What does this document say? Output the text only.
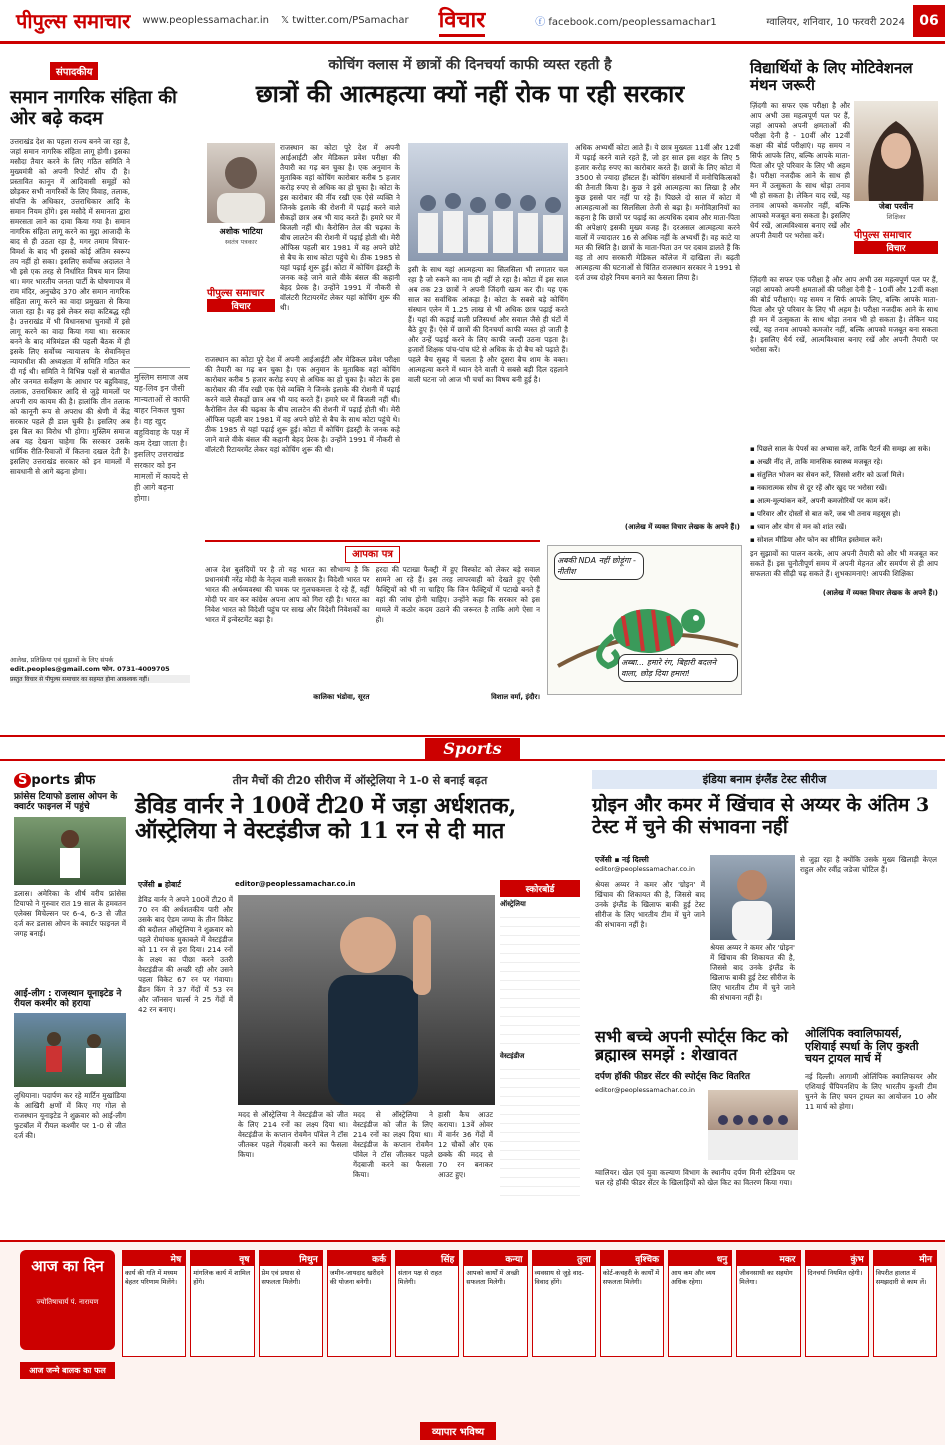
पीपुल्स समाचार www.peoplessamachar.in 𝕏 twitter.com/PSamachar विचार	ⓕ facebook.com/peoplessamachar1	ग्वालियर, शनिवार, 10 फरवरी 2024	06
संपादकीय
समान नागरिक संहिता की ओर बढ़े कदम
उत्तराखंड देश का पहला राज्य बनने जा रहा है, जहां समान नागरिक संहिता लागू होगी। इसका मसौदा तैयार करने के लिए गठित समिति ने मुख्यमंत्री को अपनी रिपोर्ट सौंप दी है। प्रस्तावित कानून में आदिवासी समूहों को छोड़कर सभी नागरिकों के लिए विवाह, तलाक, संपत्ति के अधिकार, उत्तराधिकार आदि के समान नियम होंगे। इस मसौदे में समानता द्वारा समरसता लाने का दावा किया गया है। समान नागरिक संहिता लागू करने का मुद्दा आजादी के बाद से ही उठता रहा है, मगर तमाम विचार-विमर्श के बाद भी इसको कोई अंतिम स्वरूप तय नहीं हो सका। इसलिए सर्वोच्च अदालत ने भी इसे एक तरह से निर्धारित विषय मान लिया था। मगर भारतीय जनता पार्टी के घोषणापत्र में राम मंदिर, अनुच्छेद 370 और समान नागरिक संहिता लागू करने का वादा प्रमुखता से किया जाता रहा है। वह इसे लेकर सदा कटिबद्ध रही है। उत्तराखंड में भी विधानसभा चुनावों में इसे लागू करने का वादा किया गया था। सरकार बनने के बाद मंत्रिमंडल की पहली बैठक में ही इसके लिए सर्वोच्च न्यायालय के सेवानिवृत्त न्यायाधीश की अध्यक्षता में समिति गठित कर दी गई थी। समिति ने विभिन्न पक्षों से बातचीत और जनमत सर्वेक्षण के आधार पर बहुविवाह, तलाक, उत्तराधिकार आदि से जुड़े मामलों पर अपनी राय कायम की है। हालांकि तीन तलाक को कानूनी रूप से अपराध की श्रेणी में केंद्र सरकार पहले ही डाल चुकी है। इसलिए अब इस बिल का विरोध भी होगा। मुस्लिम समाज अब यह देखना चाहेगा कि सरकार उसके धार्मिक रीति-रिवाजों में कितना दखल देती है। इसलिए उत्तराखंड सरकार को इन मामलों में सावधानी से आगे बढ़ना होगा।
मुस्लिम समाज अब यह-लिव इन जैसी मान्यताओं से काफी बाहर निकल चुका है। वह खुद बहुविवाह के पक्ष में कम देखा जाता है। इसलिए उत्तराखंड सरकार को इन मामलों में कायदे से ही आगे बढ़ना होगा।
आलेख, प्रतिक्रिया एवं सुझावों के लिए संपर्क
edit.peoples@gmail.com फोन. 0731-4009705
प्रस्तुत विचार से पीपुल्स समाचार का सहमत होना आवश्यक नहीं।
कोचिंग क्लास में छात्रों की दिनचर्या काफी व्यस्त रहती है
छात्रों की आत्महत्या क्यों नहीं रोक पा रही सरकार
अशोक भाटिया
स्वतंत्र पत्रकार
पीपुल्स समाचार
विचार
राजस्थान का कोटा पूरे देश में अपनी आईआईटी और मेडिकल प्रवेश परीक्षा की तैयारी का गढ़ बन चुका है। एक अनुमान के मुताबिक वहां कोचिंग कारोबार करीब 5 हजार करोड़ रुपए से अधिक का हो चुका है। कोटा के इस कारोबार की नींव रखी एक ऐसे व्यक्ति ने जिनके इलाके की रोशनी में पढ़ाई करने वाले सैकड़ों छात्र अब भी याद करते हैं। हमारे घर में बिजली नहीं थी। कैरोसिन तेल की चढ़का के बीच लालटेन की रोशनी में पढ़ाई होती थी। मेरी ऑफिस पहली बार 1981 में वह अपने छोटे से बैच के साथ कोटा पहुंचे थे। ठीक 1985 से यहां पढ़ाई शुरू हुई। कोटा में कोचिंग इंडस्ट्री के जनक कहे जाने वाले वीके बंसल की कहानी बेहद प्रेरक है। उन्होंने 1991 में नौकरी से वॉलंटरी रिटायरमेंट लेकर यहां कोचिंग शुरू की थी।
राजस्थान का कोटा पूरे देश में अपनी आईआईटी और मेडिकल प्रवेश परीक्षा की तैयारी का गढ़ बन चुका है। एक अनुमान के मुताबिक वहां कोचिंग कारोबार करीब 5 हजार करोड़ रुपए से अधिक का हो चुका है। कोटा के इस कारोबार की नींव रखी एक ऐसे व्यक्ति ने जिनके इलाके की रोशनी में पढ़ाई करने वाले सैकड़ों छात्र अब भी याद करते हैं। हमारे घर में बिजली नहीं थी। कैरोसिन तेल की चढ़का के बीच लालटेन की रोशनी में पढ़ाई होती थी। मेरी ऑफिस पहली बार 1981 में वह अपने छोटे से बैच के साथ कोटा पहुंचे थे। ठीक 1985 से यहां पढ़ाई शुरू हुई। कोटा में कोचिंग इंडस्ट्री के जनक कहे जाने वाले वीके बंसल की कहानी बेहद प्रेरक है। उन्होंने 1991 में नौकरी से वॉलंटरी रिटायरमेंट लेकर यहां कोचिंग शुरू की थी।
इसी के साथ यहां आत्महत्या का सिलसिला भी लगातार चल रहा है जो रुकने का नाम ही नहीं ले रहा है। कोटा में इस साल अब तक 23 छात्रों ने अपनी जिंदगी खत्म कर दी। यह एक साल का सर्वाधिक आंकड़ा है। कोटा के सबसे बड़े कोचिंग संस्थान एलेन में 1.25 लाख से भी अधिक छात्र पढ़ाई करते हैं। यहां की कड़ाई वाली प्रतिस्पर्धा और सवाल जैसे ही घंटों में बैठे हुए हैं। ऐसे में छात्रों की दिनचर्या काफी व्यस्त हो जाती है और उन्हें पढ़ाई करने के लिए काफी जल्दी उठना पड़ता है। हजारों शिक्षक पांच-पांच घंटे से अधिक के दो बैच को पढ़ाते हैं। पहले बैच सुबह में चलता है और दूसरा बैच शाम के वक्त। आत्महत्या करने में ध्यान देने वाली ये सबसे बड़ी दिल दहलाने वाली घटना जो आज भी चर्चा का विषय बनी हुई है।
अधिक अभ्यर्थी कोटा आते हैं। ये छात्र मुख्यतः 11वीं और 12वीं में पढ़ाई करने वाले रहते हैं, जो हर साल इस शहर के लिए 5 हजार करोड़ रुपए का कारोबार करते हैं। छात्रों के लिए कोटा में 3500 से ज्यादा हॉस्टल हैं। कोचिंग संस्थानों में मनोचिकित्सकों की तैनाती किया है। कुछ ने इसे आत्महत्या का लिखा है और कुछ इससे पार नहीं पा रहे हैं। पिछले दो साल में कोटा में आत्महत्याओं का सिलसिला तेजी से बढ़ा है। मनोविज्ञानियों का कहना है कि छात्रों पर पढ़ाई का अत्यधिक दबाव और माता-पिता की अपेक्षाएं इसकी मुख्य वजह हैं। दरअसल आत्महत्या करने वालों में ज्यादातर 16 से अधिक नहीं के अभ्यर्थी हैं। वह काटे या मत की स्थिति है। छात्रों के माता-पिता उन पर दबाव डालते हैं कि वह तो आप सरकारी मेडिकल कॉलेज में दाखिला लें। बढ़ती आत्महत्या की घटनाओं से चिंतित राजस्थान सरकार ने 1991 से दर्ज उच्च दोहरे नियम बनाने का फैसला लिया है।
(आलेख में व्यक्त विचार लेखक के अपने हैं।)
आपका पत्र
आज देश बुलंदियों पर है तो यह भारत का सौभाग्य है कि प्रधानमंत्री नरेंद्र मोदी के नेतृत्व वाली सरकार है। विदेशी भारत पर भारत की अर्थव्यवस्था की चमक पर गुलचकमत्ता दे रहे हैं, वहीं मोदी पर वार कर कांग्रेस अपना आप को गिरा रही है। भारत का निवेश भारत को विदेशी पहुंच पर साख और विदेशी निवेशकों का भारत में इन्वेस्टमेंट बढ़ा है।
कालिका भंडोवा, सूरत
हरदा की पटाखा फैक्ट्री में हुए विस्फोट को लेकर बड़े सवाल सामने आ रहे हैं। इस तरह लापरवाही को देखते हुए ऐसी फैक्ट्रियों को भी ना चाहिए कि जिन फैक्ट्रियों में पटाखे बनते हैं वहां की जांच होनी चाहिए। उन्होंने कहा कि सरकार को इस मामले में कठोर कदम उठाने की जरूरत है ताकि आगे ऐसा न हो।
विशाल वर्मा, इंदौर।
अबकी NDA नहीं छोड़ूंगा - नीतीश
अब्बा... हमारे रंग, बिहारी बदलने वाला, छोड़ दिया हमारा!
विद्यार्थियों के लिए मोटिवेशनल मंथन जरूरी
ज़िंदगी का सफर एक परीक्षा है और आप अभी उस महत्वपूर्ण पल पर हैं, जहां आपको अपनी क्षमताओं की परीक्षा देनी है - 10वीं और 12वीं कक्षा की बोर्ड परीक्षाएं। यह समय न सिर्फ आपके लिए, बल्कि आपके माता-पिता और पूरे परिवार के लिए भी अहम है। परीक्षा नजदीक आने के साथ ही मन में उत्सुकता के साथ थोड़ा तनाव भी हो सकता है। लेकिन याद रखें, यह तनाव आपको कमजोर नहीं, बल्कि आपको मजबूत बना सकता है। इसलिए धैर्य रखें, आत्मविश्वास बनाए रखें और अपनी तैयारी पर भरोसा करें।
जेबा परवीन
शिक्षिका
पीपुल्स समाचार
विचार
ज़िंदगी का सफर एक परीक्षा है और आप अभी उस महत्वपूर्ण पल पर हैं, जहां आपको अपनी क्षमताओं की परीक्षा देनी है - 10वीं और 12वीं कक्षा की बोर्ड परीक्षाएं। यह समय न सिर्फ आपके लिए, बल्कि आपके माता-पिता और पूरे परिवार के लिए भी अहम है। परीक्षा नजदीक आने के साथ ही मन में उत्सुकता के साथ थोड़ा तनाव भी हो सकता है। लेकिन याद रखें, यह तनाव आपको कमजोर नहीं, बल्कि आपको मजबूत बना सकता है। इसलिए धैर्य रखें, आत्मविश्वास बनाए रखें और अपनी तैयारी पर भरोसा करें।
▪ पिछले साल के पेपर्स का अभ्यास करें, ताकि पैटर्न की समझ आ सके।
▪ अच्छी नींद लें, ताकि मानसिक स्वास्थ्य मजबूत रहे।
▪ संतुलित भोजन का सेवन करें, जिससे शरीर को ऊर्जा मिले।
▪ नकारात्मक सोच से दूर रहें और खुद पर भरोसा रखें।
▪ आत्म-मूल्यांकन करें, अपनी कमजोरियों पर काम करें।
▪ परिवार और दोस्तों से बात करें, जब भी तनाव महसूस हो।
▪ ध्यान और योग से मन को शांत रखें।
▪ सोशल मीडिया और फोन का सीमित इस्तेमाल करें।
इन सुझावों का पालन करके, आप अपनी तैयारी को और भी मजबूत कर सकते हैं। इस चुनौतीपूर्ण समय में अपनी मेहनत और समर्पण से ही आप सफलता की सीढ़ी चढ़ सकते हैं। शुभकामनाएं! आपकी शिक्षिका
(आलेख में व्यक्त विचार लेखक के अपने हैं।)
Sports
S ports ब्रीफ
फ्रांसेस टियाफो डलास ओपन के क्वार्टर फाइनल में पहुंचे
डलास। अमेरिका के शीर्ष वरीय फ्रांसेस टियाफो ने गुरुवार रात 19 साल के हमवतन एलेक्स मिचेल्सन पर 6-4, 6-3 से जीत दर्ज कर डलास ओपन के क्वार्टर फाइनल में जगह बनाई।
आई-लीग : राजस्थान यूनाइटेड ने रीयल कश्मीर को हराया
लुधियाना। पदार्पण कर रहे मार्टिन मुखांडिया के आखिरी क्षणों में किए गए गोल से राजस्थान यूनाइटेड ने शुक्रवार को आई-लीग फुटबॉल में रीयल कश्मीर पर 1-0 से जीत दर्ज की।
तीन मैचों की टी20 सीरीज में ऑस्ट्रेलिया ने 1-0 से बनाई बढ़त
डेविड वार्नर ने 100वें टी20 में जड़ा अर्धशतक, ऑस्ट्रेलिया ने वेस्टइंडीज को 11 रन से दी मात
एजेंसी ▪ होबार्ट	editor@peoplessamachar.co.in
डेविड वार्नर ने अपने 100वें टी20 में 70 रन की अर्धशतकीय पारी और उसके बाद ऐडम जम्पा के तीन विकेट की बदौलत ऑस्ट्रेलिया ने शुक्रवार को पहले रोमांचक मुकाबले में वेस्टइंडीज को 11 रन से हरा दिया। 214 रनों के लक्ष्य का पीछा करने उतरी वेस्टइंडीज की अच्छी रही और उसने पहला विकेट 67 रन पर गंवाया। ब्रैंडन किंग ने 37 गेंदों में 53 रन और जॉनसन चार्ल्स ने 25 गेंदों में 42 रन बनाए।
मदद से ऑस्ट्रेलिया ने वेस्टइंडीज को जीत के लिए 214 रनों का लक्ष्य दिया था। वेस्टइंडीज के कप्तान रोवमैन पॉवेल ने टॉस जीतकर पहले गेंदबाजी करने का फैसला किया।
मदद से ऑस्ट्रेलिया ने वेस्टइंडीज को जीत के लिए 214 रनों का लक्ष्य दिया था। वेस्टइंडीज के कप्तान रोवमैन पॉवेल ने टॉस जीतकर पहले गेंदबाजी करने का फैसला किया।
हासी कैच आउट कराया। 13वें ओवर में वार्नर 36 गेंदों में 12 चौकों और एक छक्के की मदद से 70 रन बनाकर आउट हुए।
स्कोरबोर्ड
ऑस्ट्रेलिया
वेस्टइंडीज
इंडिया बनाम इंग्लैंड टेस्ट सीरीज
ग्रोइन और कमर में खिंचाव से अय्यर के अंतिम 3 टेस्ट में चुने की संभावना नहीं
एजेंसी ▪ नई दिल्ली
editor@peoplessamachar.co.in
श्रेयस अय्यर ने कमर और 'ग्रोइन' में खिंचाव की शिकायत की है, जिससे बाद उनके इंग्लैंड के खिलाफ बाकी हुई टेस्ट सीरीज के लिए भारतीय टीम में चुने जाने की संभावना नहीं है।
श्रेयस अय्यर ने कमर और 'ग्रोइन' में खिंचाव की शिकायत की है, जिससे बाद उनके इंग्लैंड के खिलाफ बाकी हुई टेस्ट सीरीज के लिए भारतीय टीम में चुने जाने की संभावना नहीं है।
से जुड़ा रहा है क्योंकि उसके मुख्य खिलाड़ी केएल राहुल और रवींद्र जडेजा चोटिल हैं।
सभी बच्चे अपनी स्पोर्ट्स किट को ब्रह्मास्त्र समझें : शेखावत
दर्पण हॉकी फीडर सेंटर की स्पोर्ट्स किट वितरित
editor@peoplessamachar.co.in
ग्वालियर। खेल एवं युवा कल्याण विभाग के स्थानीय दर्पण मिनी स्टेडियम पर चल रहे हॉकी फीडर सेंटर के खिलाड़ियों को खेल किट का वितरण किया गया।
ओलिंपिक क्वालिफायर्स, एशियाई स्पर्धा के लिए कुश्ती चयन ट्रायल मार्च में
नई दिल्ली। आगामी ओलिंपिक क्वालिफायर और एशियाई चैंपियनशिप के लिए भारतीय कुश्ती टीम चुनने के लिए चयन ट्रायल का आयोजन 10 और 11 मार्च को होगा।
आज का दिन
ज्योतिषाचार्य पं. नारायण
आज जन्मे बालक का फल
मेष
कार्य की गति में मध्यम बेहतर परिणाम मिलेंगे।
वृष
मांगलिक कार्य में शामिल होंगे।
मिथुन
प्रेम एवं प्रयास से सफलता मिलेगी।
कर्क
जमीन-जायदाद खरीदने की योजना बनेगी।
सिंह
संतान पक्ष से राहत मिलेगी।
कन्या
आपको कार्यों में अच्छी सफलता मिलेगी।
तुला
व्यवसाय से जुड़े वाद-विवाद होंगे।
वृश्चिक
कोर्ट-कचहरी के कार्यों में सफलता मिलेगी।
धनु
आय कम और व्यय अधिक रहेगा।
मकर
जीवनसाथी का सहयोग मिलेगा।
कुंभ
दिनचर्या नियमित रहेगी।
मीन
विपरीत हालात में समझदारी से काम लें।
व्यापार भविष्य
